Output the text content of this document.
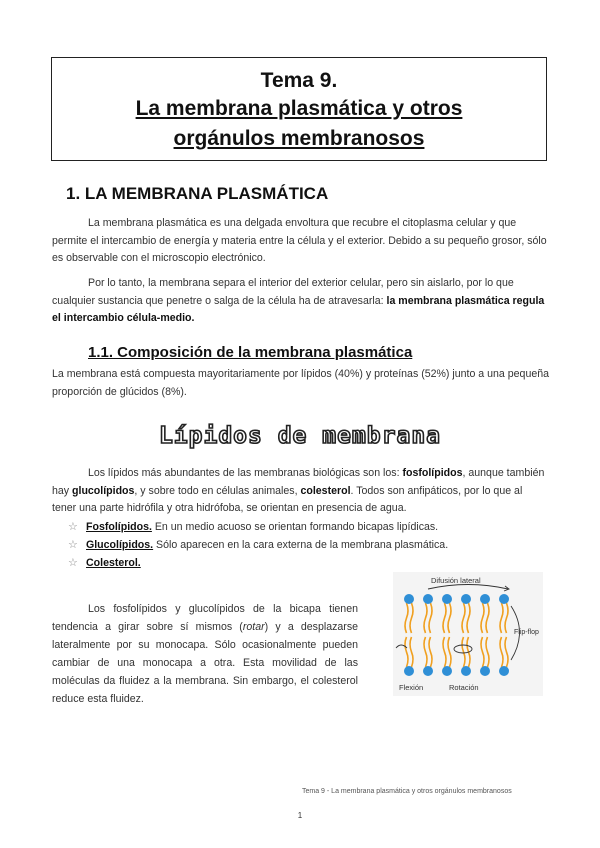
Tema 9.
La membrana plasmática y otros
orgánulos membranosos
1. LA MEMBRANA PLASMÁTICA
La membrana plasmática es una delgada envoltura que recubre el citoplasma celular y que permite el intercambio de energía y materia entre la célula y el exterior. Debido a su pequeño grosor, sólo es observable con el microscopio electrónico.
Por lo tanto, la membrana separa el interior del exterior celular, pero sin aislarlo, por lo que cualquier sustancia que penetre o salga de la célula ha de atravesarla: la membrana plasmática regula el intercambio célula-medio.
1.1. Composición de la membrana plasmática
La membrana está compuesta mayoritariamente por lípidos (40%) y proteínas (52%) junto a una pequeña proporción de glúcidos (8%).
Lípidos de membrana
Los lípidos más abundantes de las membranas biológicas son los: fosfolípidos, aunque también hay glucolípidos, y sobre todo en células animales, colesterol. Todos son anfipáticos, por lo que al tener una parte hidrófila y otra hidrófoba, se orientan en presencia de agua.
☆ Fosfolípidos. En un medio acuoso se orientan formando bicapas lipídicas.
☆ Glucolípidos. Sólo aparecen en la cara externa de la membrana plasmática.
☆ Colesterol.
Los fosfolípidos y glucolípidos de la bicapa tienen tendencia a girar sobre sí mismos (rotar) y a desplazarse lateralmente por su monocapa. Sólo ocasionalmente pueden cambiar de una monocapa a otra. Esta movilidad de las moléculas da fluidez a la membrana. Sin embargo, el colesterol reduce esta fluidez.
Difusión lateral
Flip-flop
Flexión	Rotación
Tema 9 - La membrana plasmática y otros orgánulos membranosos
1
